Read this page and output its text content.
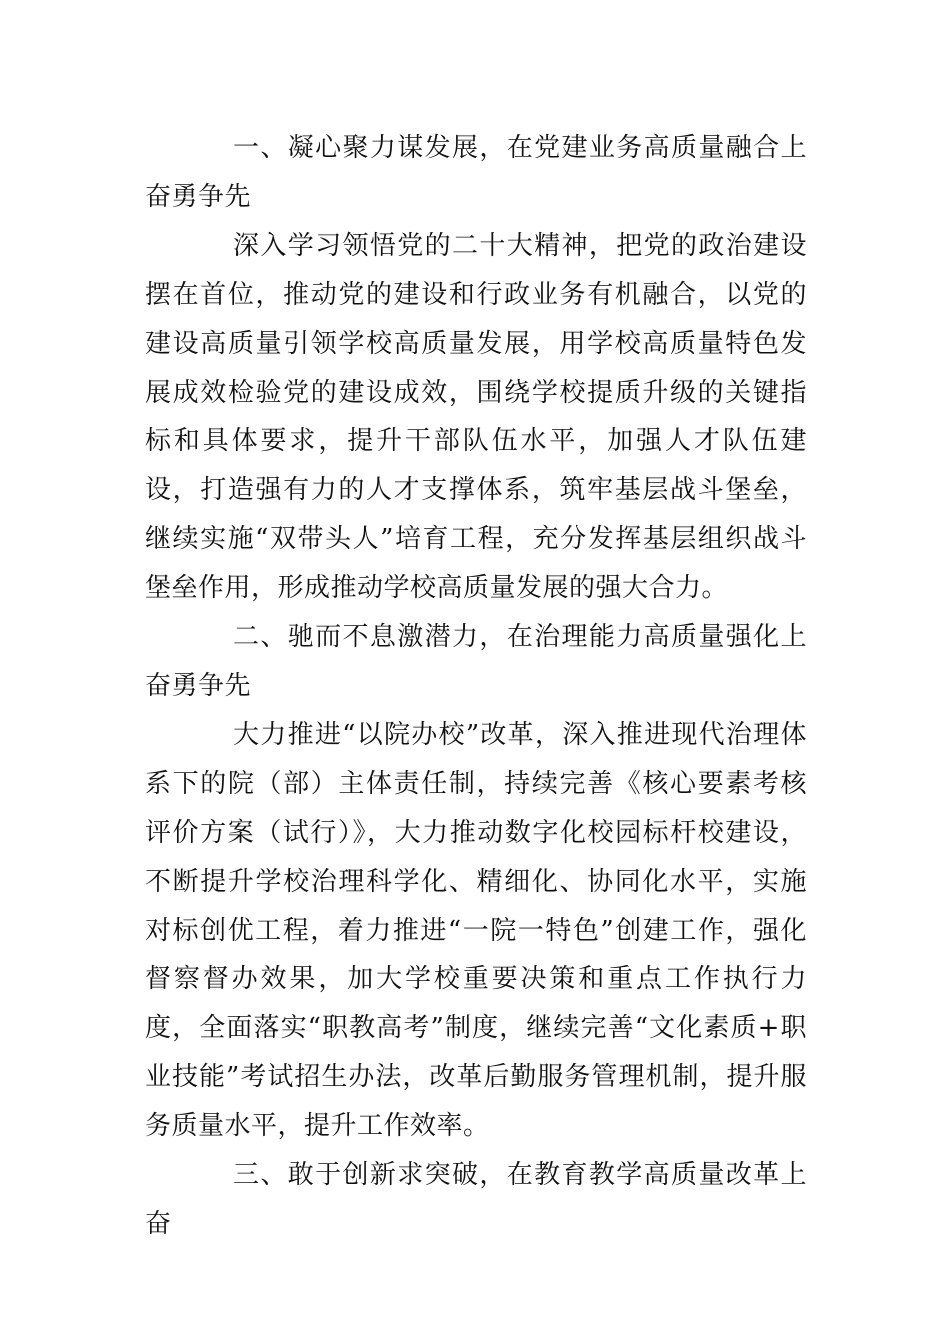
一、凝心聚力谋发展，在党建业务高质量融合上奋勇争先

深入学习领悟党的二十大精神，把党的政治建设摆在首位，推动党的建设和行政业务有机融合，以党的建设高质量引领学校高质量发展，用学校高质量特色发展成效检验党的建设成效，围绕学校提质升级的关键指标和具体要求，提升干部队伍水平，加强人才队伍建设，打造强有力的人才支撑体系，筑牢基层战斗堡垒，继续实施“双带头人”培育工程，充分发挥基层组织战斗堡垒作用，形成推动学校高质量发展的强大合力。

二、驰而不息激潜力，在治理能力高质量强化上奋勇争先

大力推进“以院办校”改革，深入推进现代治理体系下的院（部）主体责任制，持续完善《核心要素考核评价方案（试行）》，大力推动数字化校园标杆校建设，不断提升学校治理科学化、精细化、协同化水平，实施对标创优工程，着力推进“一院一特色”创建工作，强化督察督办效果，加大学校重要决策和重点工作执行力度，全面落实“职教高考”制度，继续完善“文化素质+职业技能”考试招生办法，改革后勤服务管理机制，提升服务质量水平，提升工作效率。

三、敢于创新求突破，在教育教学高质量改革上奋
